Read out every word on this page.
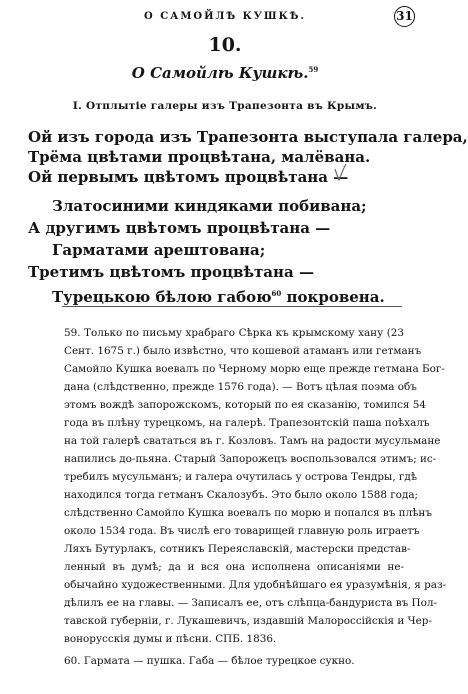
О САМОЙЛѢ КУШКѢ.	31
10.
О Самойлѣ Кушкѣ.$^{59}$
I. Отплытіе галеры изъ Трапезонта въ Крымъ.
Ой изъ города изъ Трапезонта выступала галера,
Трёма цвѣтами процвѣтана, малёвана.
Ой первымъ цвѣтомъ процвѣтана —
Златосиними киндяками побивана;
А другимъ цвѣтомъ процвѣтана —
Гарматами арештована;
Третимъ цвѣтомъ процвѣтана —
Турецькою бѣлою габою$^{60}$ покровена.
59. Только по письму храбраго Сѣрка къ крымскому хану (23
Сент. 1675 г.) было извѣстно, что кошевой атаманъ или гетманъ
Самойло Кушка воевалъ по Черному морю еще прежде гетмана Бог-
дана (слѣдственно, прежде 1576 года). — Вотъ цѣлая поэма объ
этомъ вождѣ запорожскомъ, который по ея сказанію, томился 54
года въ плѣну турецкомъ, на галерѣ. Трапезонтскій паша поѣхалъ
на той галерѣ свататься въ г. Козловъ. Тамъ на радости мусульмане
напились до-пьяна. Старый Запорожецъ воспользовался этимъ; ис-
требилъ мусульманъ; и галера очутилась у острова Тендры, гдѣ
находился тогда гетманъ Скалозубъ. Это было около 1588 года;
слѣдственно Самойло Кушка воевалъ по морю и попался въ плѣнъ
около 1534 года. Въ числѣ его товарищей главную роль играетъ
Ляхъ Бутурлакъ, сотникъ Переяславскій, мастерски представ-
ленный въ думѣ; да и вся она исполнена описаніями не-
обычайно художественными. Для удобнѣйшаго ея уразумѣнія, я раз-
дѣлилъ ее на главы. — Записалъ ее, отъ слѣпца-бандуриста въ Пол-
тавской губерніи, г. Лукашевичъ, издавшій Малороссійскія и Чер-
вонорусскія думы и пѣсни. СПБ. 1836.
60. Гармата — пушка. Габа — бѣлое турецкое сукно.
